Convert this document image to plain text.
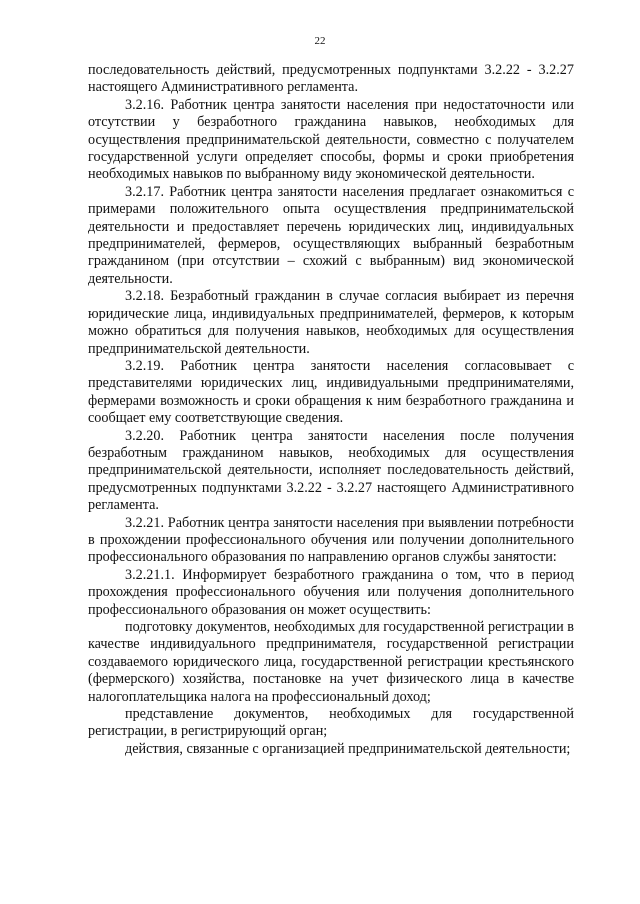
22

последовательность действий, предусмотренных подпунктами 3.2.22 - 3.2.27 настоящего Административного регламента.

3.2.16. Работник центра занятости населения при недостаточности или отсутствии у безработного гражданина навыков, необходимых для осуществления предпринимательской деятельности, совместно с получателем государственной услуги определяет способы, формы и сроки приобретения необходимых навыков по выбранному виду экономической деятельности.

3.2.17. Работник центра занятости населения предлагает ознакомиться с примерами положительного опыта осуществления предпринимательской деятельности и предоставляет перечень юридических лиц, индивидуальных предпринимателей, фермеров, осуществляющих выбранный безработным гражданином (при отсутствии – схожий с выбранным) вид экономической деятельности.

3.2.18. Безработный гражданин в случае согласия выбирает из перечня юридические лица, индивидуальных предпринимателей, фермеров, к которым можно обратиться для получения навыков, необходимых для осуществления предпринимательской деятельности.

3.2.19. Работник центра занятости населения согласовывает с представителями юридических лиц, индивидуальными предпринимателями, фермерами возможность и сроки обращения к ним безработного гражданина и сообщает ему соответствующие сведения.

3.2.20. Работник центра занятости населения после получения безработным гражданином навыков, необходимых для осуществления предпринимательской деятельности, исполняет последовательность действий, предусмотренных подпунктами 3.2.22 - 3.2.27 настоящего Административного регламента.

3.2.21. Работник центра занятости населения при выявлении потребности в прохождении профессионального обучения или получении дополнительного профессионального образования по направлению органов службы занятости:

3.2.21.1. Информирует безработного гражданина о том, что в период прохождения профессионального обучения или получения дополнительного профессионального образования он может осуществить:

подготовку документов, необходимых для государственной регистрации в качестве индивидуального предпринимателя, государственной регистрации создаваемого юридического лица, государственной регистрации крестьянского (фермерского) хозяйства, постановке на учет физического лица в качестве налогоплательщика налога на профессиональный доход;

представление документов, необходимых для государственной регистрации, в регистрирующий орган;

действия, связанные с организацией предпринимательской деятельности;
